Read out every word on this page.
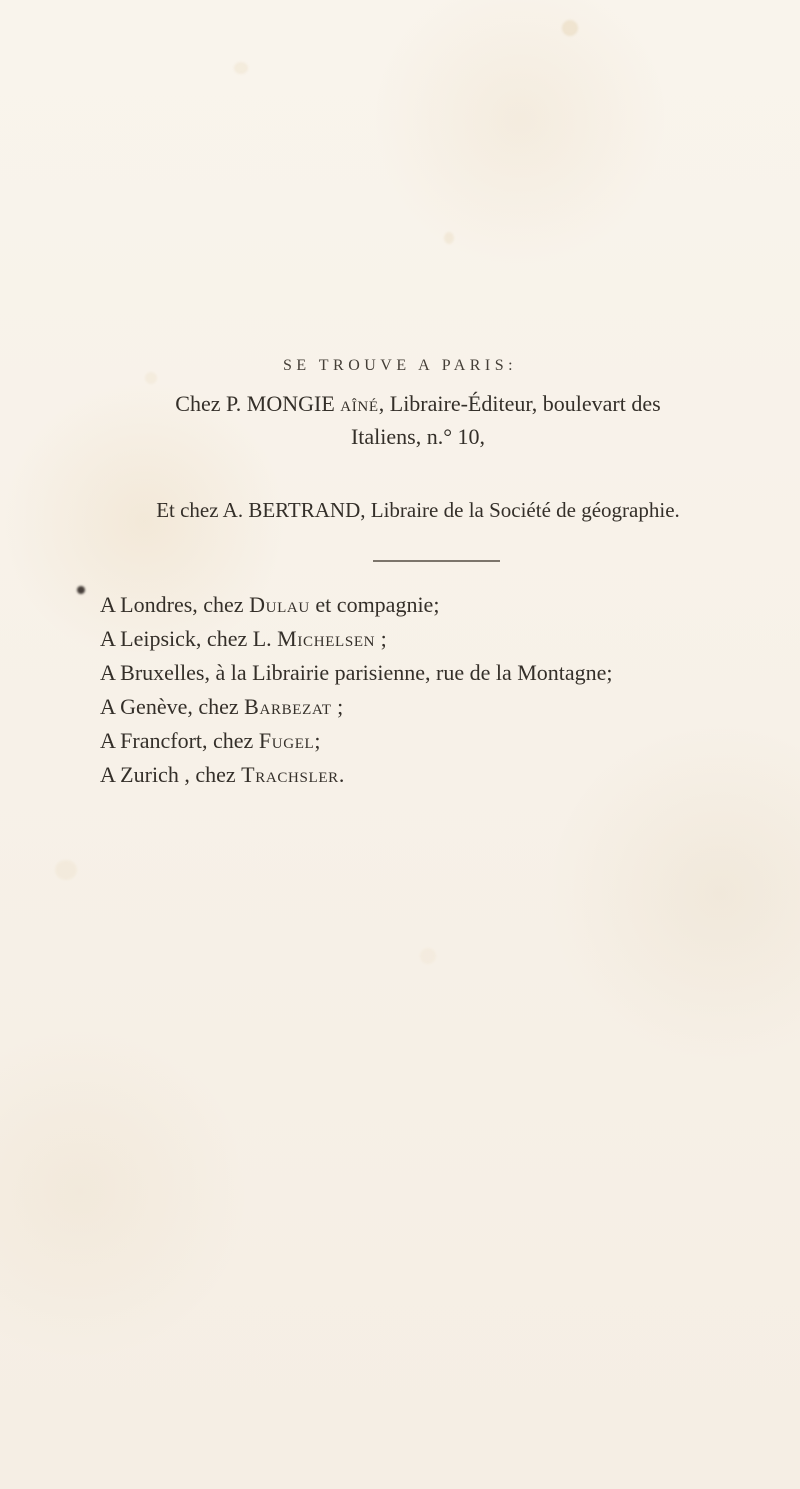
SE TROUVE A PARIS:
Chez P. MONGIE aîné, Libraire-Éditeur, boulevart des
Italiens, n.° 10,
Et chez A. BERTRAND, Libraire de la Société de géographie.
A Londres, chez Dulau et compagnie;
A Leipsick, chez L. Michelsen ;
A Bruxelles, à la Librairie parisienne, rue de la Montagne;
A Genève, chez Barbezat ;
A Francfort, chez Fugel;
A Zurich , chez Trachsler.
